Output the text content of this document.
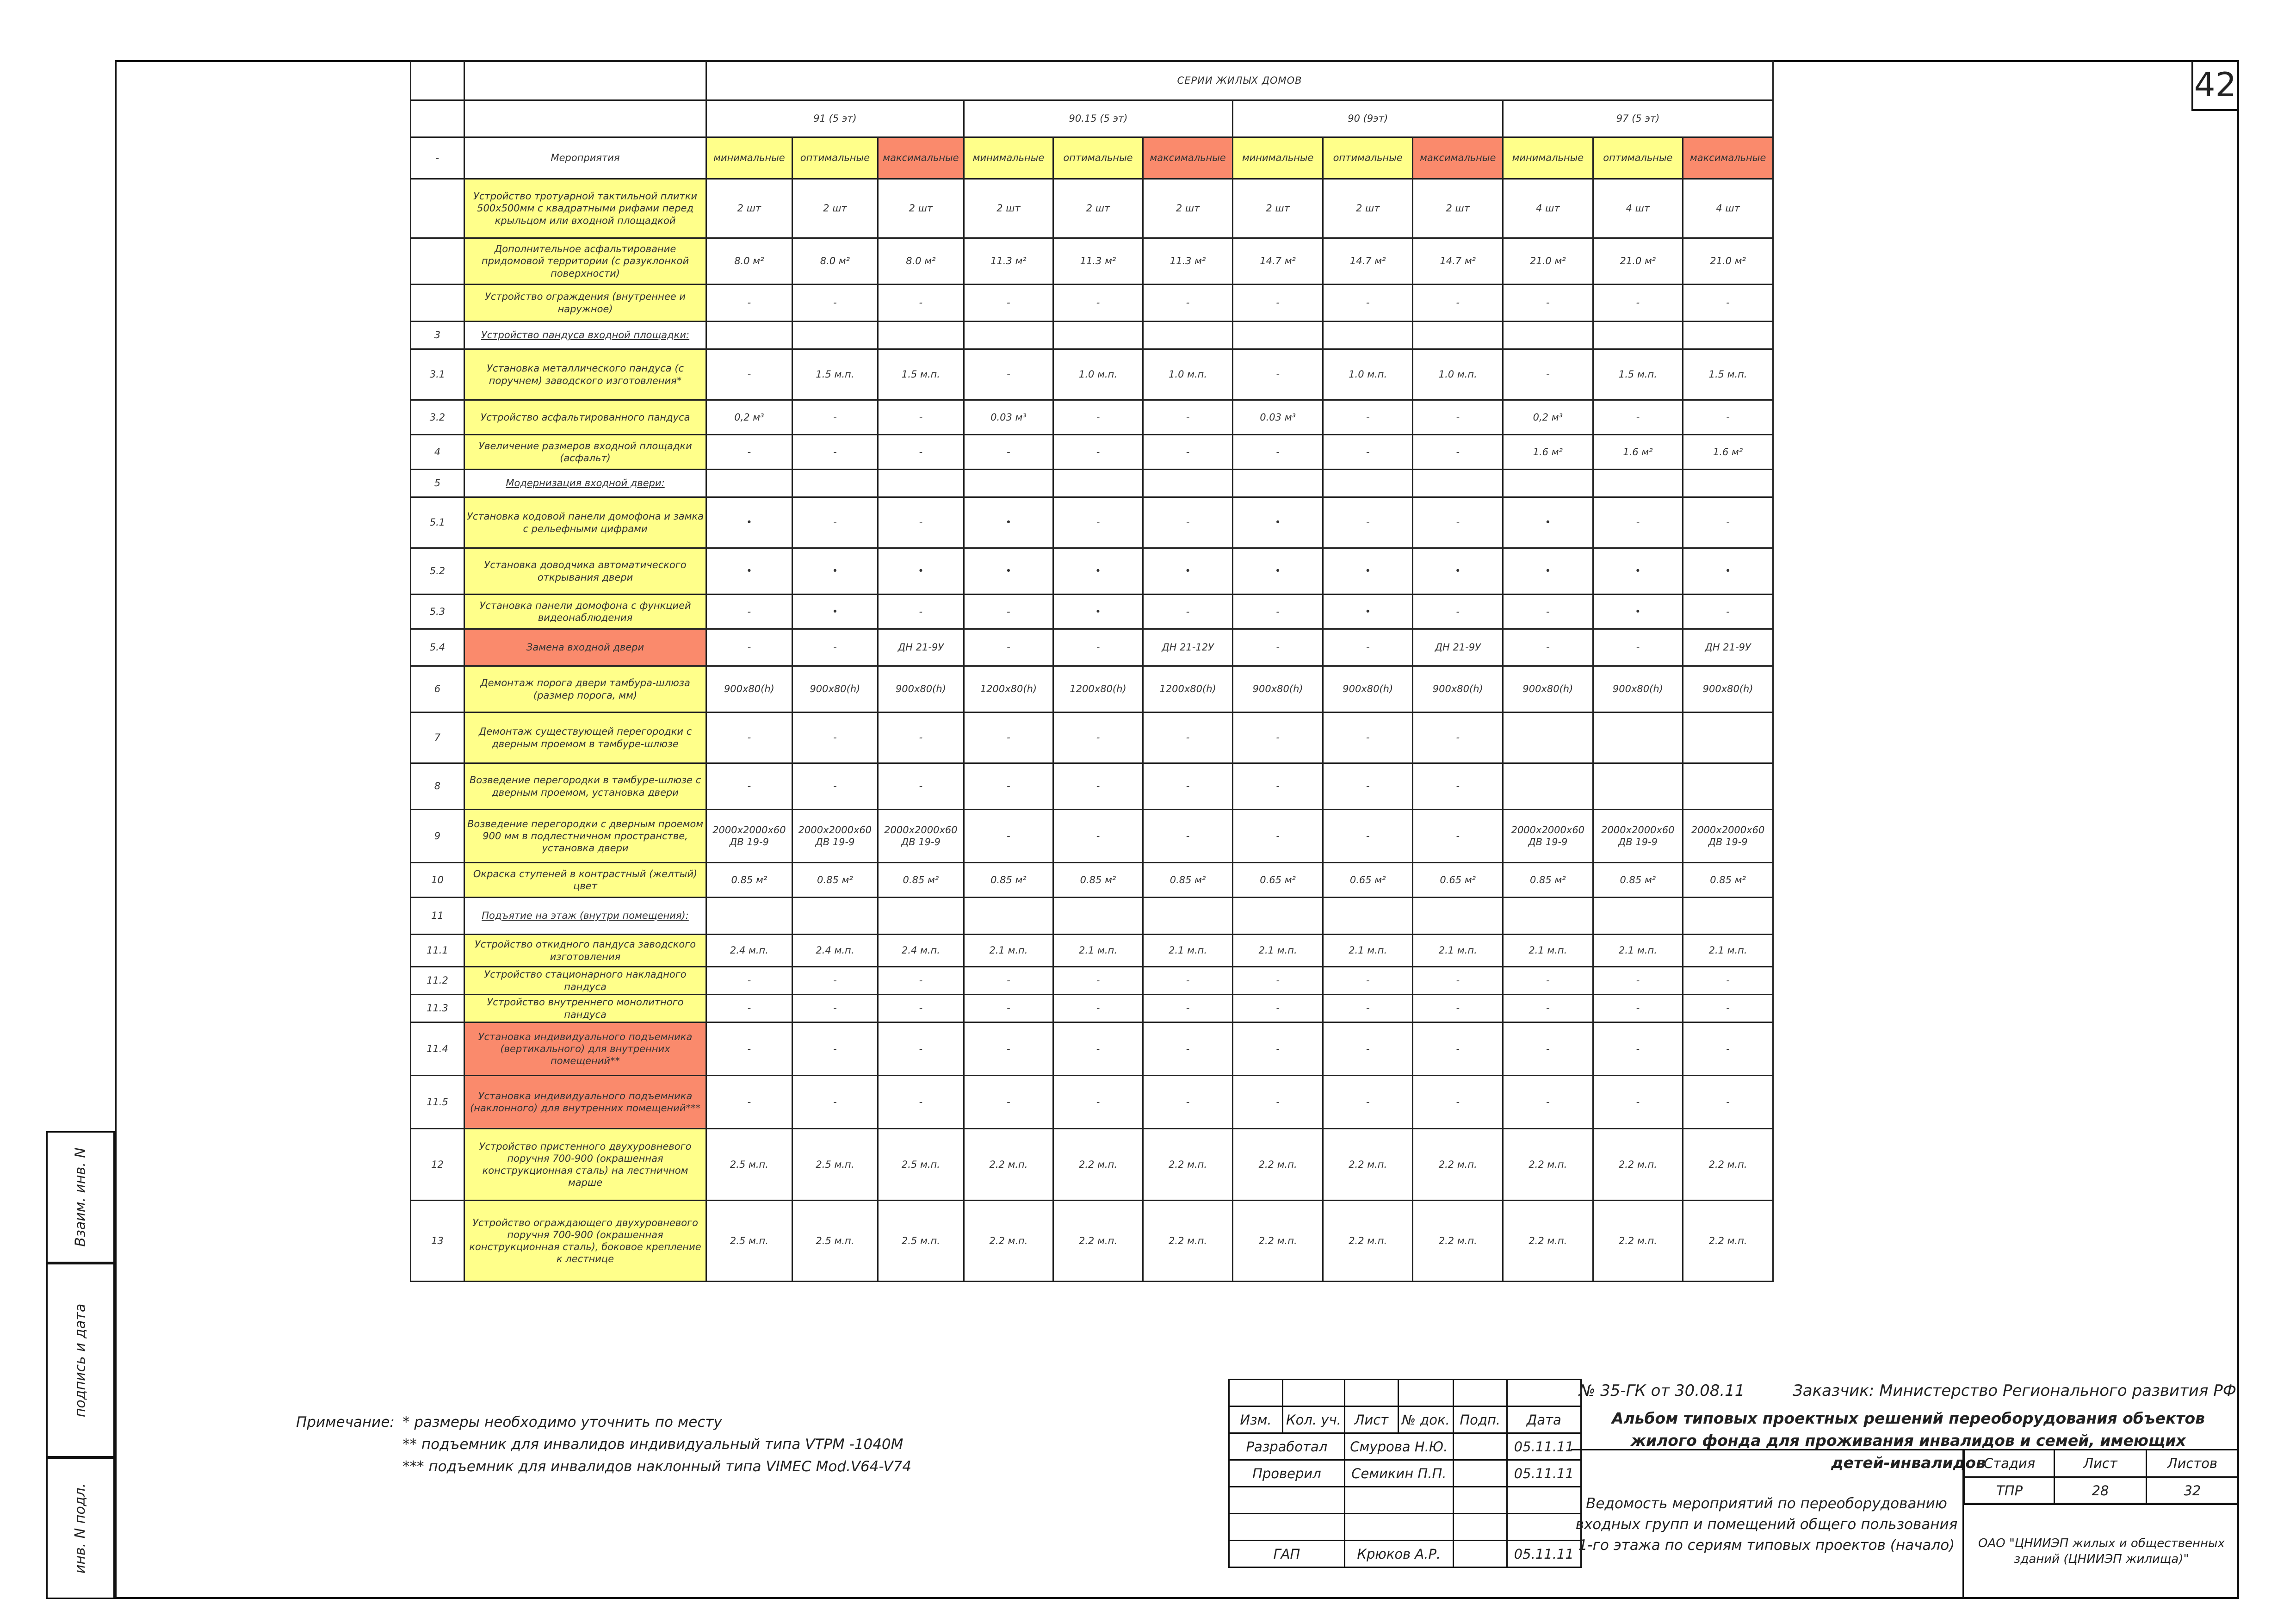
42
Взаим. инв. N
подпись и дата
инв. N подл.
		СЕРИИ ЖИЛЫХ ДОМОВ											
		91 (5 эт)			90.15 (5 эт)			90 (9эт)			97 (5 эт)		
-	Мероприятия	минимальные	оптимальные	максимальные	минимальные	оптимальные	максимальные	минимальные	оптимальные	максимальные	минимальные	оптимальные	максимальные
	Устройство тротуарной тактильной плитки 500х500мм с квадратными рифами перед крыльцом или входной площадкой	2 шт	2 шт	2 шт	2 шт	2 шт	2 шт	2 шт	2 шт	2 шт	4 шт	4 шт	4 шт
	Дополнительное асфальтирование придомовой территории (с разуклонкой поверхности)	8.0 м²	8.0 м²	8.0 м²	11.3 м²	11.3 м²	11.3 м²	14.7 м²	14.7 м²	14.7 м²	21.0 м²	21.0 м²	21.0 м²
	Устройство ограждения (внутреннее и наружное)	-	-	-	-	-	-	-	-	-	-	-	-
3	Устройство пандуса входной площадки:												
3.1	Установка металлического пандуса (с поручнем) заводского изготовления*	-	1.5 м.п.	1.5 м.п.	-	1.0 м.п.	1.0 м.п.	-	1.0 м.п.	1.0 м.п.	-	1.5 м.п.	1.5 м.п.
3.2	Устройство асфальтированного пандуса	0,2 м³	-	-	0.03 м³	-	-	0.03 м³	-	-	0,2 м³	-	-
4	Увеличение размеров входной площадки (асфальт)	-	-	-	-	-	-	-	-	-	1.6 м²	1.6 м²	1.6 м²
5	Модернизация входной двери:												
5.1	Установка кодовой панели домофона и замка с рельефными цифрами	•	-	-	•	-	-	•	-	-	•	-	-
5.2	Установка доводчика автоматического открывания двери	•	•	•	•	•	•	•	•	•	•	•	•
5.3	Установка панели домофона с функцией видеонаблюдения	-	•	-	-	•	-	-	•	-	-	•	-
5.4	Замена входной двери	-	-	ДН 21-9У	-	-	ДН 21-12У	-	-	ДН 21-9У	-	-	ДН 21-9У
6	Демонтаж порога двери тамбура-шлюза (размер порога, мм)	900х80(h)	900х80(h)	900х80(h)	1200х80(h)	1200х80(h)	1200х80(h)	900х80(h)	900х80(h)	900х80(h)	900х80(h)	900х80(h)	900х80(h)
7	Демонтаж существующей перегородки с дверным проемом в тамбуре-шлюзе	-	-	-	-	-	-	-	-	-			
8	Возведение перегородки в тамбуре-шлюзе с дверным проемом, установка двери	-	-	-	-	-	-	-	-	-			
9	Возведение перегородки с дверным проемом 900 мм в подлестничном пространстве, установка двери	2000х2000х60 ДВ 19-9	2000х2000х60 ДВ 19-9	2000х2000х60 ДВ 19-9	-	-	-	-	-	-	2000х2000х60 ДВ 19-9	2000х2000х60 ДВ 19-9	2000х2000х60 ДВ 19-9
10	Окраска ступеней в контрастный (желтый) цвет	0.85 м²	0.85 м²	0.85 м²	0.85 м²	0.85 м²	0.85 м²	0.65 м²	0.65 м²	0.65 м²	0.85 м²	0.85 м²	0.85 м²
11	Подъятие на этаж (внутри помещения):												
11.1	Устройство откидного пандуса заводского изготовления	2.4 м.п.	2.4 м.п.	2.4 м.п.	2.1 м.п.	2.1 м.п.	2.1 м.п.	2.1 м.п.	2.1 м.п.	2.1 м.п.	2.1 м.п.	2.1 м.п.	2.1 м.п.
11.2	Устройство стационарного накладного пандуса	-	-	-	-	-	-	-	-	-	-	-	-
11.3	Устройство внутреннего монолитного пандуса	-	-	-	-	-	-	-	-	-	-	-	-
11.4	Установка индивидуального подъемника (вертикального) для внутренних помещений**	-	-	-	-	-	-	-	-	-	-	-	-
11.5	Установка индивидуального подъемника (наклонного) для внутренних помещений***	-	-	-	-	-	-	-	-	-	-	-	-
12	Устройство пристенного двухуровневого поручня 700-900 (окрашенная конструкционная сталь) на лестничном марше	2.5 м.п.	2.5 м.п.	2.5 м.п.	2.2 м.п.	2.2 м.п.	2.2 м.п.	2.2 м.п.	2.2 м.п.	2.2 м.п.	2.2 м.п.	2.2 м.п.	2.2 м.п.
13	Устройство ограждающего двухуровневого поручня 700-900 (окрашенная конструкционная сталь), боковое крепление к лестнице	2.5 м.п.	2.5 м.п.	2.5 м.п.	2.2 м.п.	2.2 м.п.	2.2 м.п.	2.2 м.п.	2.2 м.п.	2.2 м.п.	2.2 м.п.	2.2 м.п.	2.2 м.п.
Примечание: * размеры необходимо уточнить по месту
** подъемник для инвалидов индивидуальный типа VTPM -1040M
*** подъемник для инвалидов наклонный типа VIMEC Mod.V64-V74

Изм.	Кол. уч.	Лист	№ док.	Подп.	Дата
Разработал		Смурова Н.Ю.			05.11.11
Проверил		Семикин П.П.			05.11.11

ГАП		Крюков А.Р.			05.11.11
№ 35-ГК от 30.08.11	Заказчик: Министерство Регионального развития РФ
Альбом типовых проектных решений переоборудования объектов жилого фонда для проживания инвалидов и семей, имеющих детей-инвалидов
Ведомость мероприятий по переоборудованию входных групп и помещений общего пользования 1-го этажа по сериям типовых проектов (начало)
Стадия	Лист	Листов
ТПР	28	32
ОАО "ЦНИИЭП жилых и общественных зданий (ЦНИИЭП жилища)"
